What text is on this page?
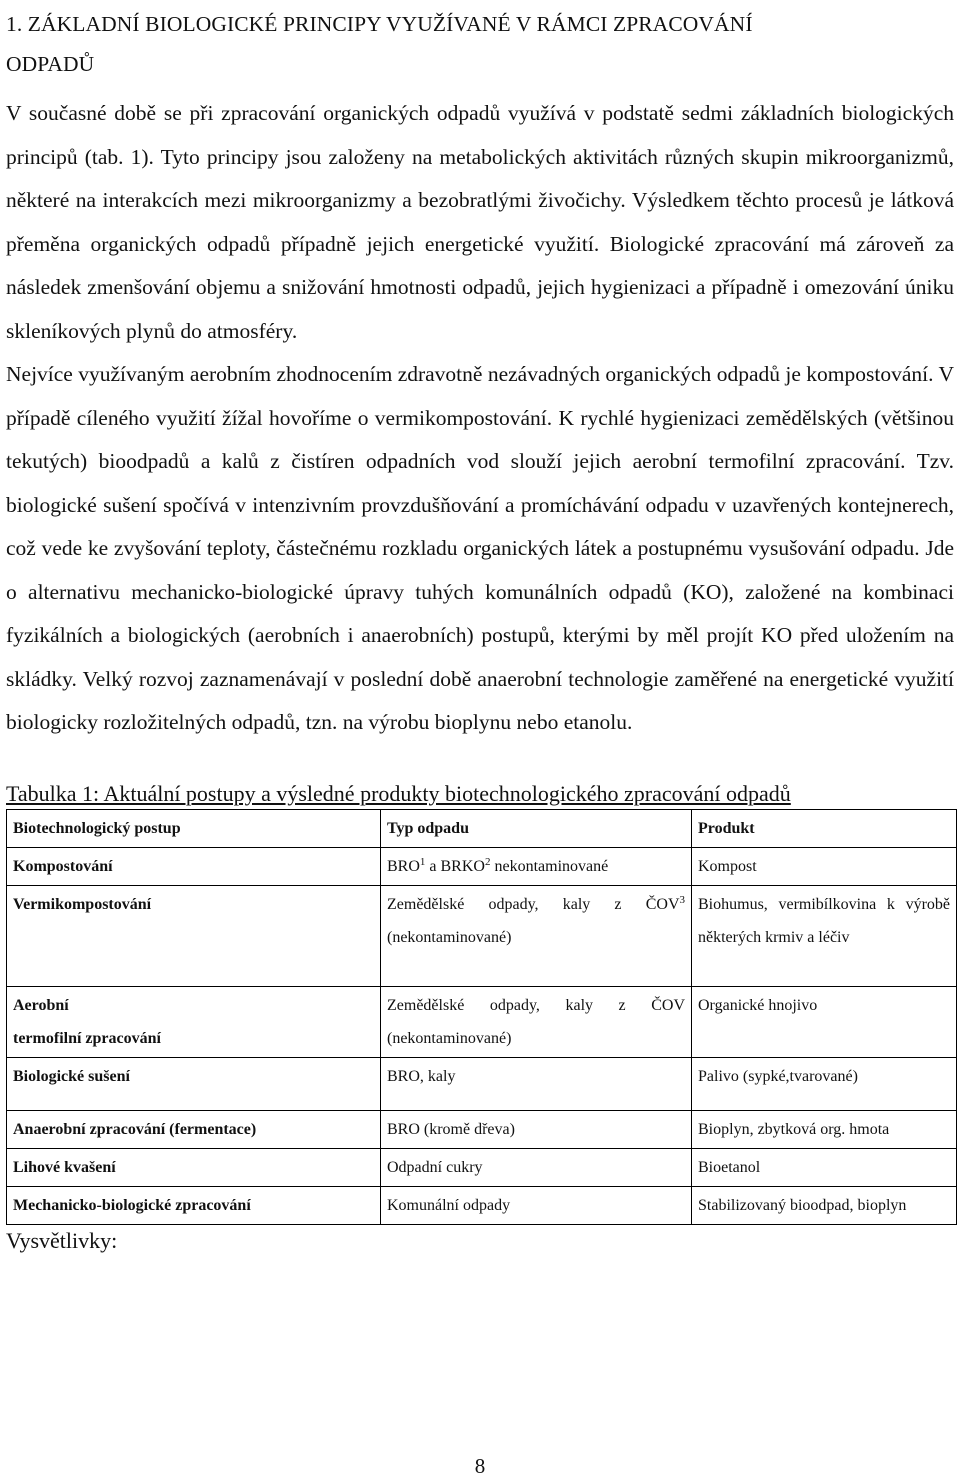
1. ZÁKLADNÍ BIOLOGICKÉ PRINCIPY VYUŽÍVANÉ V RÁMCI ZPRACOVÁNÍ
ODPADŮ

V současné době se při zpracování organických odpadů využívá v podstatě sedmi základních biologických principů (tab. 1). Tyto principy jsou založeny na metabolických aktivitách různých skupin mikroorganizmů, některé na interakcích mezi mikroorganizmy a bezobratlými živočichy. Výsledkem těchto procesů je látková přeměna organických odpadů případně jejich energetické využití. Biologické zpracování má zároveň za následek zmenšování objemu a snižování hmotnosti odpadů, jejich hygienizaci a případně i omezování úniku skleníkových plynů do atmosféry.

Nejvíce využívaným aerobním zhodnocením zdravotně nezávadných organických odpadů je kompostování. V případě cíleného využití žížal hovoříme o vermikompostování. K rychlé hygienizaci zemědělských (většinou tekutých) bioodpadů a kalů z čistíren odpadních vod slouží jejich aerobní termofilní zpracování. Tzv. biologické sušení spočívá v intenzivním provzdušňování a promíchávání odpadu v uzavřených kontejnerech, což vede ke zvyšování teploty, částečnému rozkladu organických látek a postupnému vysušování odpadu. Jde o alternativu mechanicko-biologické úpravy tuhých komunálních odpadů (KO), založené na kombinaci fyzikálních a biologických (aerobních i anaerobních) postupů, kterými by měl projít KO před uložením na skládky. Velký rozvoj zaznamenávají v poslední době anaerobní technologie zaměřené na energetické využití biologicky rozložitelných odpadů, tzn. na výrobu bioplynu nebo etanolu.

Tabulka 1: Aktuální postupy a výsledné produkty biotechnologického zpracování odpadů
Biotechnologický postup	Typ odpadu	Produkt
Kompostování	BRO$^1$ a BRKO$^2$ nekontaminované	Kompost
Vermikompostování	Zemědělské odpady, kaly z ČOV$^3$ (nekontaminované)	Biohumus, vermibílkovina k výrobě některých krmiv a léčiv
Aerobní
termofilní zpracování	Zemědělské odpady, kaly z ČOV (nekontaminované)	Organické hnojivo
Biologické sušení	BRO, kaly	Palivo (sypké,tvarované)
Anaerobní zpracování (fermentace)	BRO (kromě dřeva)	Bioplyn, zbytková org. hmota
Lihové kvašení	Odpadní cukry	Bioetanol
Mechanicko-biologické zpracování	Komunální odpady	Stabilizovaný bioodpad, bioplyn
Vysvětlivky:
8
